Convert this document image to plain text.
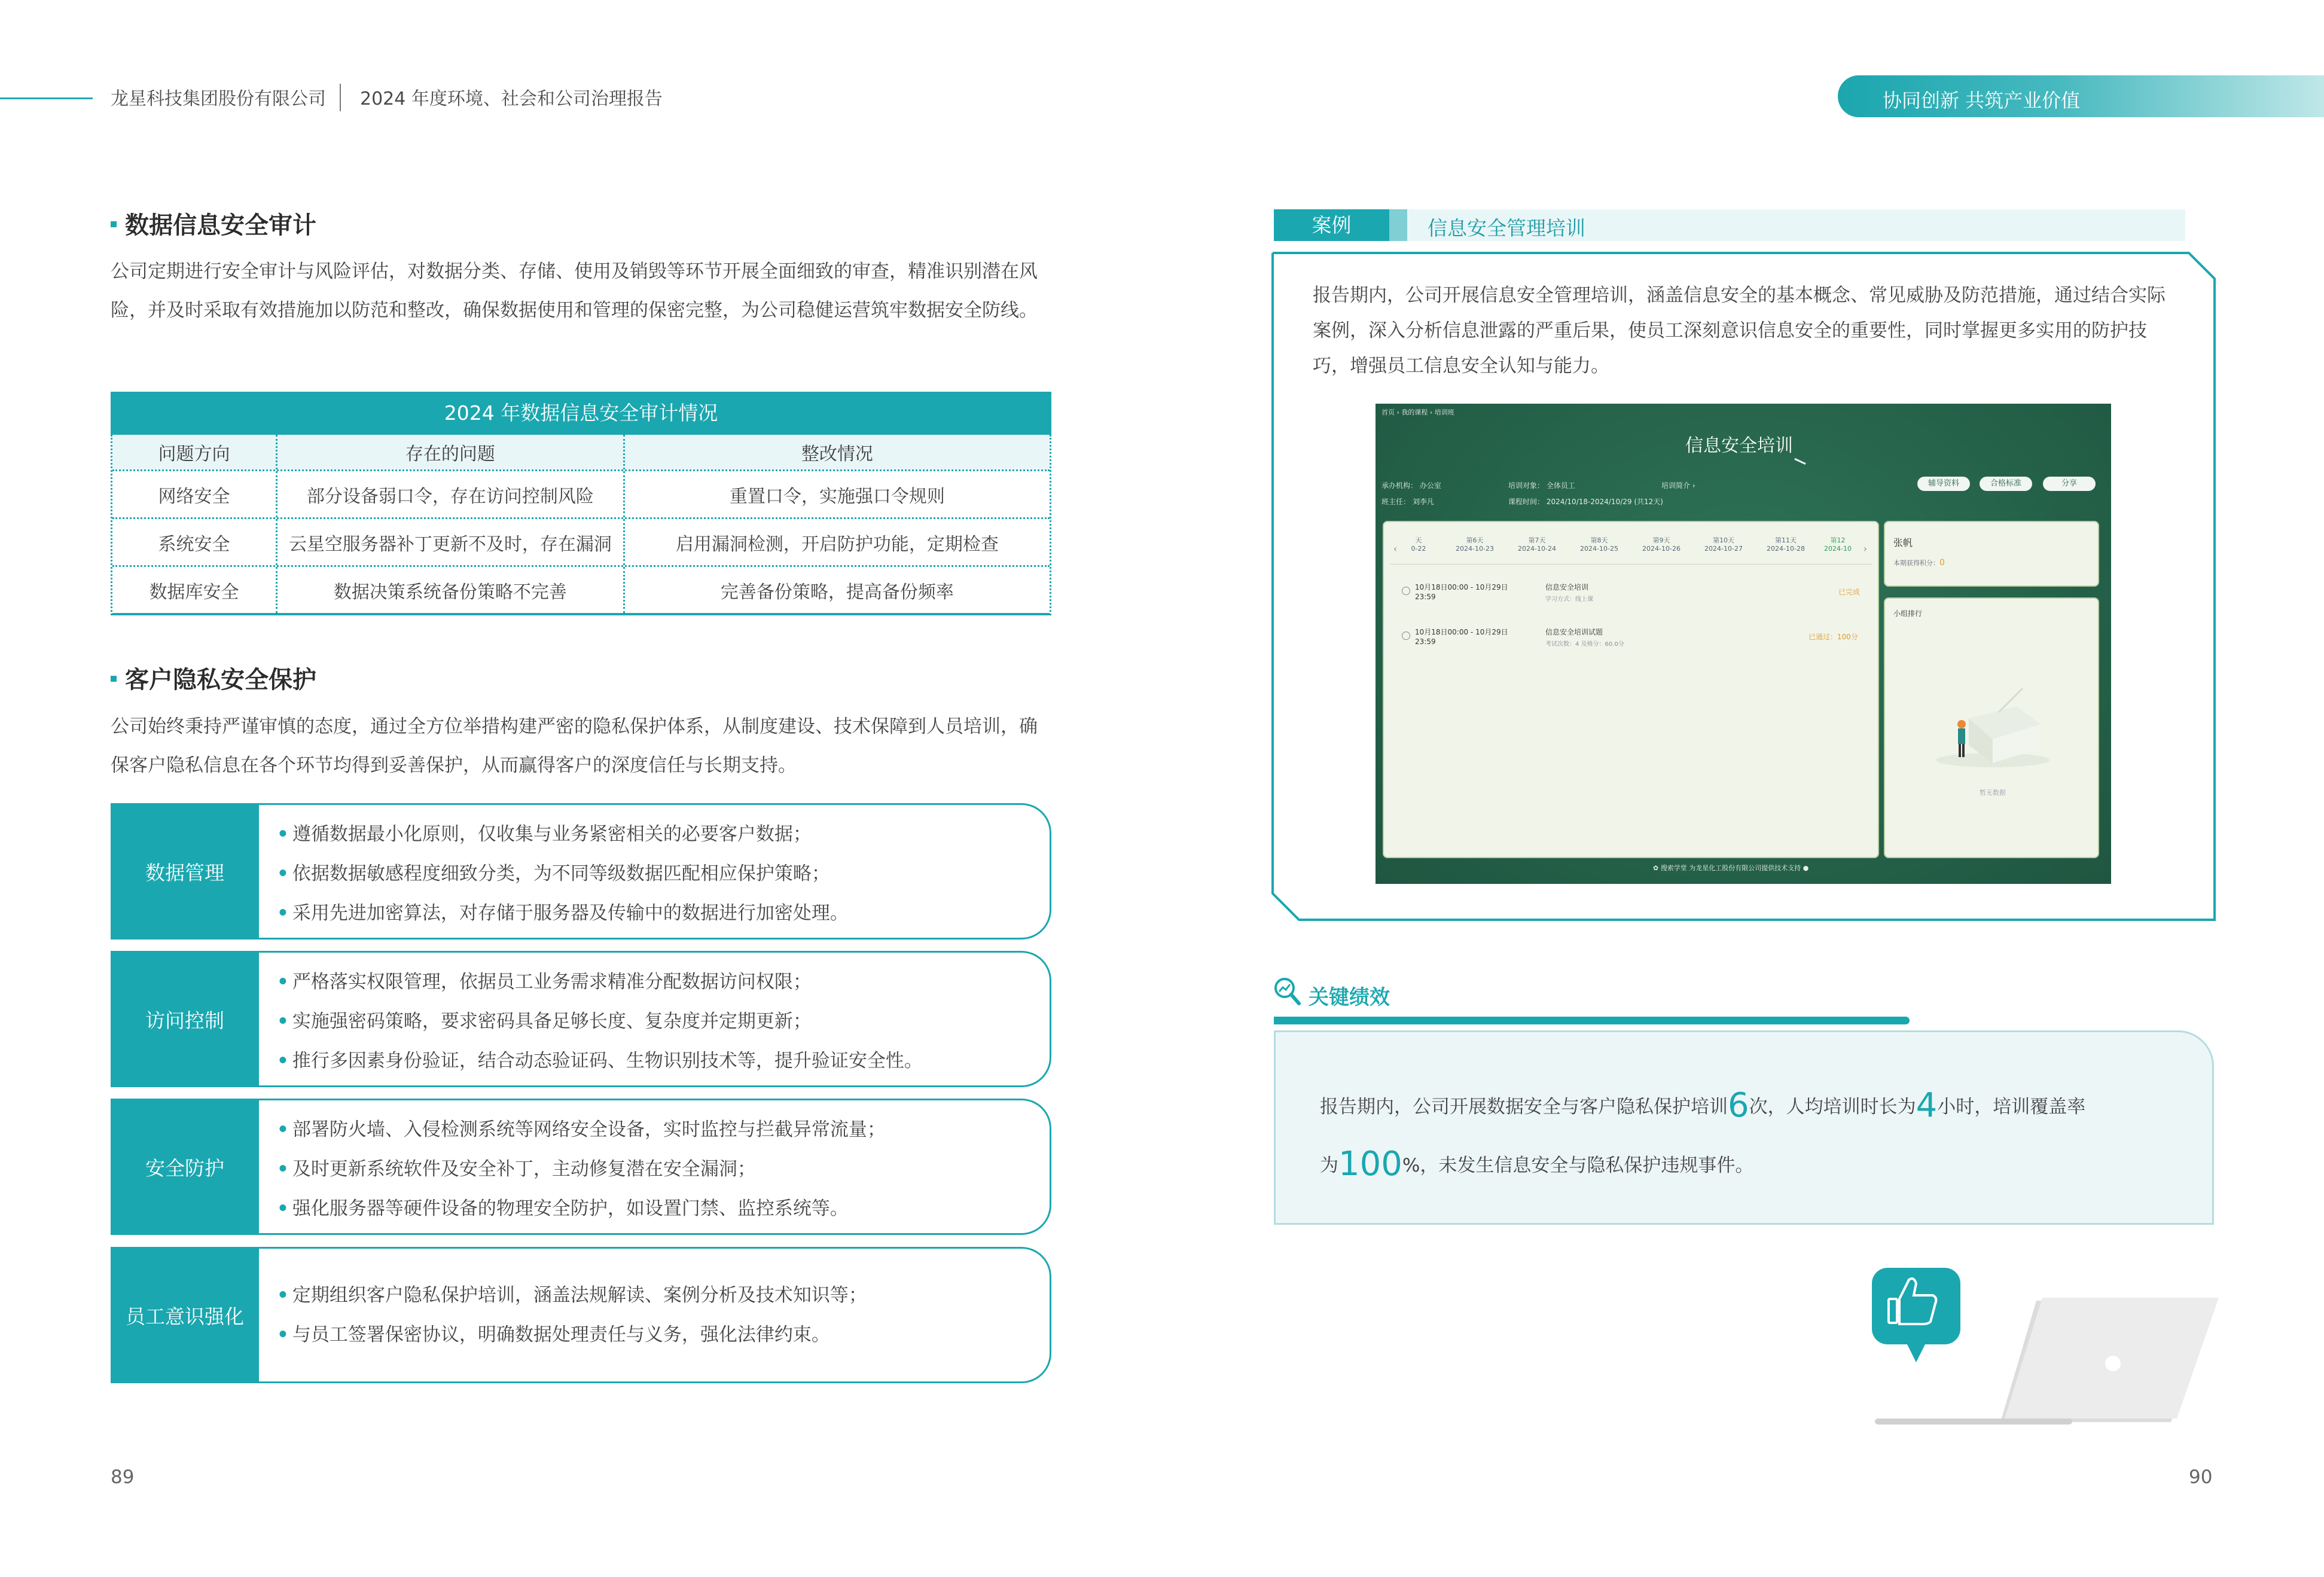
龙星科技集团股份有限公司 2024 年度环境、社会和公司治理报告	协同创新 共筑产业价值
数据信息安全审计
公司定期进行安全审计与风险评估，对数据分类、存储、使用及销毁等环节开展全面细致的审查，精准识别潜在风险，并及时采取有效措施加以防范和整改，确保数据使用和管理的保密完整，为公司稳健运营筑牢数据安全防线。
2024 年数据信息安全审计情况
问题方向	存在的问题	整改情况
网络安全	部分设备弱口令，存在访问控制风险	重置口令，实施强口令规则
系统安全	云星空服务器补丁更新不及时，存在漏洞	启用漏洞检测，开启防护功能，定期检查
数据库安全	数据决策系统备份策略不完善	完善备份策略，提高备份频率
客户隐私安全保护
公司始终秉持严谨审慎的态度，通过全方位举措构建严密的隐私保护体系，从制度建设、技术保障到人员培训，确保客户隐私信息在各个环节均得到妥善保护，从而赢得客户的深度信任与长期支持。
数据管理
• 遵循数据最小化原则，仅收集与业务紧密相关的必要客户数据；
• 依据数据敏感程度细致分类，为不同等级数据匹配相应保护策略；
• 采用先进加密算法，对存储于服务器及传输中的数据进行加密处理。
访问控制
• 严格落实权限管理，依据员工业务需求精准分配数据访问权限；
• 实施强密码策略，要求密码具备足够长度、复杂度并定期更新；
• 推行多因素身份验证，结合动态验证码、生物识别技术等，提升验证安全性。
安全防护
• 部署防火墙、入侵检测系统等网络安全设备，实时监控与拦截异常流量；
• 及时更新系统软件及安全补丁，主动修复潜在安全漏洞；
• 强化服务器等硬件设备的物理安全防护，如设置门禁、监控系统等。
员工意识强化
• 定期组织客户隐私保护培训，涵盖法规解读、案例分析及技术知识等；
• 与员工签署保密协议，明确数据处理责任与义务，强化法律约束。
89
案例	信息安全管理培训
报告期内，公司开展信息安全管理培训，涵盖信息安全的基本概念、常见威胁及防范措施，通过结合实际案例，深入分析信息泄露的严重后果，使员工深刻意识信息安全的重要性，同时掌握更多实用的防护技巧，增强员工信息安全认知与能力。
首页 › 我的课程 › 培训班
信息安全培训
承办机构： 办公室	培训对象： 全体员工	培训简介 ›
班主任： 刘李凡	课程时间： 2024/10/18-2024/10/29 (共12天)
辅导资料	合格标准	分享
‹
天
0-22
第6天
2024-10-23
第7天
2024-10-24
第8天
2024-10-25
第9天
2024-10-26
第10天
2024-10-27
第11天
2024-10-28
第12
2024-10	›
10月18日00:00 - 10月29日
23:59
信息安全培训
学习方式：线上课
已完成
10月18日00:00 - 10月29日
23:59
信息安全培训试题
考试次数：4 及格分：60.0分
已通过：100分
张帆
本期获得积分：0
小组排行
暂无数据
✿ 搜索学堂 为龙星化工股份有限公司提供技术支持 ●
关键绩效
报告期内，公司开展数据安全与客户隐私保护培训6次，人均培训时长为4小时，培训覆盖率
为100%，未发生信息安全与隐私保护违规事件。
90
